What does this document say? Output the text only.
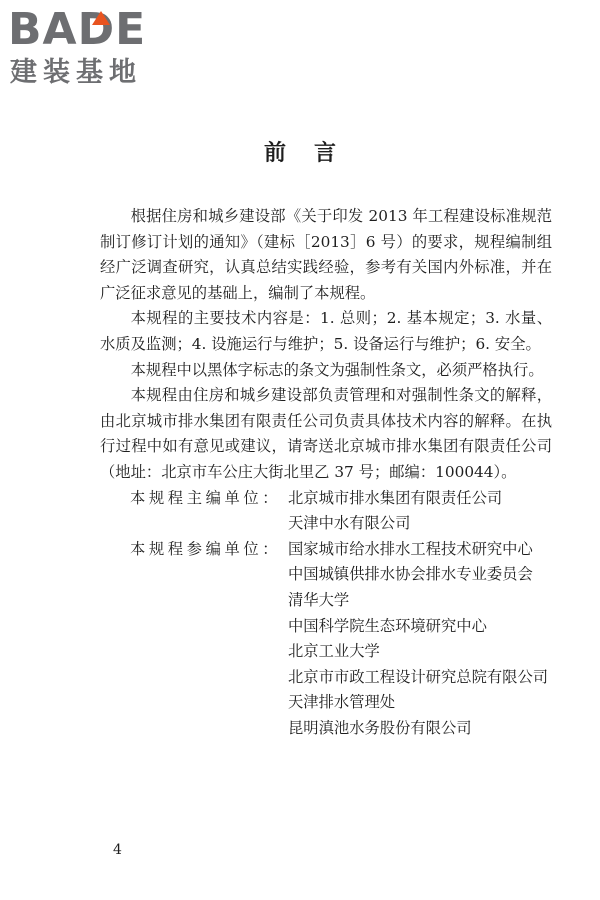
BADE
建装基地
前言

根据住房和城乡建设部《关于印发 2013 年工程建设标准规范制订修订计划的通知》（建标［2013］6 号）的要求，规程编制组经广泛调查研究，认真总结实践经验，参考有关国内外标准，并在广泛征求意见的基础上，编制了本规程。

本规程的主要技术内容是：1. 总则；2. 基本规定；3. 水量、水质及监测；4. 设施运行与维护；5. 设备运行与维护；6. 安全。

本规程中以黑体字标志的条文为强制性条文，必须严格执行。

本规程由住房和城乡建设部负责管理和对强制性条文的解释，由北京城市排水集团有限责任公司负责具体技术内容的解释。在执行过程中如有意见或建议，请寄送北京城市排水集团有限责任公司（地址：北京市车公庄大街北里乙 37 号；邮编：100044）。

本规程主编单位： 北京城市排水集团有限责任公司
天津中水有限公司
本规程参编单位： 国家城市给水排水工程技术研究中心
中国城镇供排水协会排水专业委员会
清华大学
中国科学院生态环境研究中心
北京工业大学
北京市市政工程设计研究总院有限公司
天津排水管理处
昆明滇池水务股份有限公司
4
